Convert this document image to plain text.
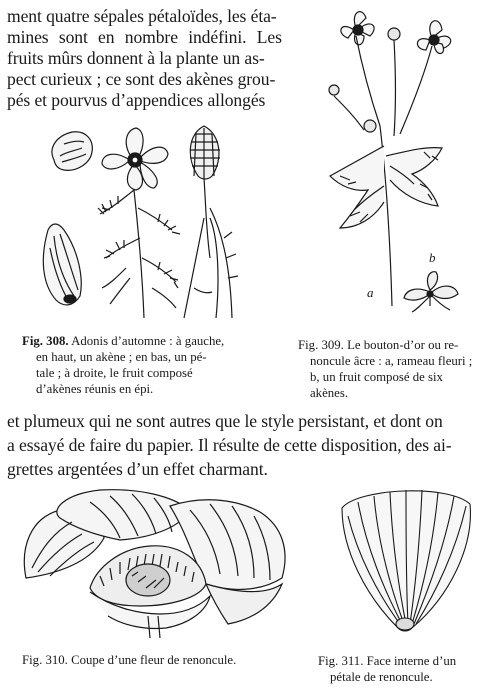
ment quatre sépales pétaloïdes, les éta-
mines sont en nombre indéfini. Les
fruits mûrs donnent à la plante un as-
pect curieux ; ce sont des akènes grou-
pés et pourvus d’appendices allongés
a
b
Fig. 308. Adonis d’automne : à gauche,
en haut, un akène ; en bas, un pé-
tale ; à droite, le fruit composé
d’akènes réunis en épi.
Fig. 309. Le bouton-d’or ou re-
noncule âcre : a, rameau fleuri ;
b, un fruit composé de six
akènes.
et plumeux qui ne sont autres que le style persistant, et dont on
a essayé de faire du papier. Il résulte de cette disposition, des ai-
grettes argentées d’un effet charmant.
Fig. 310. Coupe d’une fleur de renoncule.	Fig. 311. Face interne d’un
pétale de renoncule.
